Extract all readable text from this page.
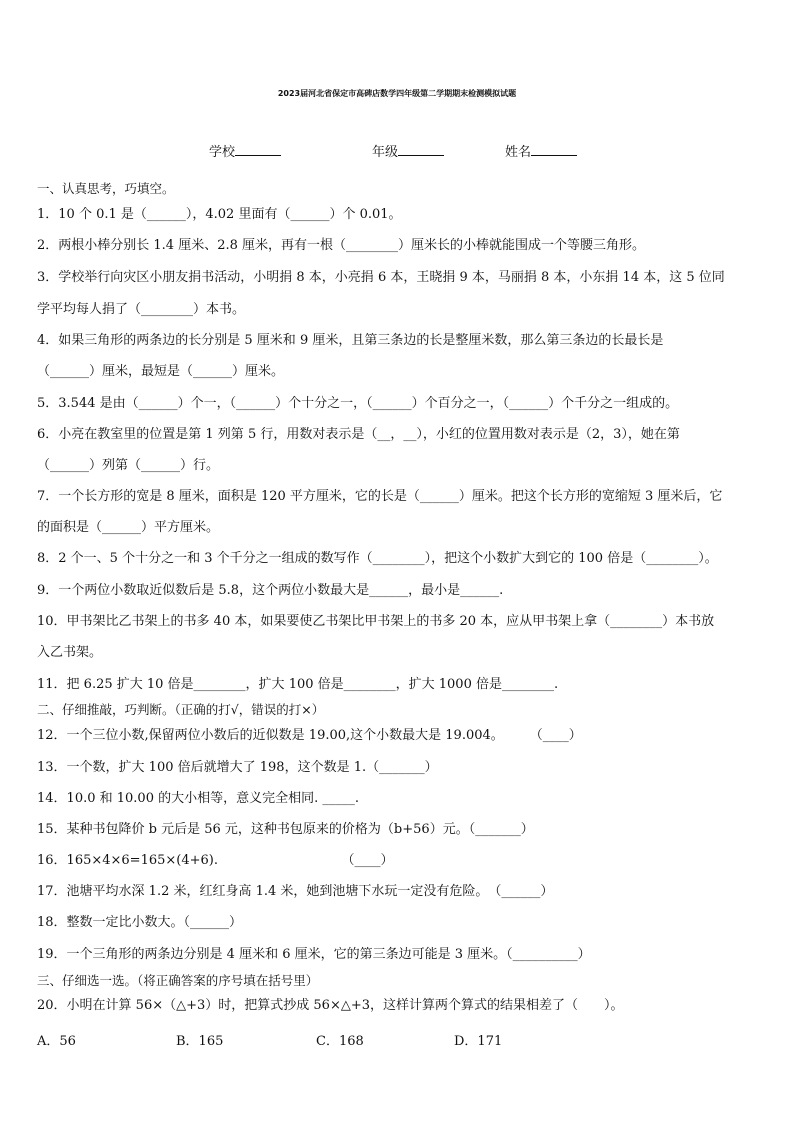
2023届河北省保定市高碑店数学四年级第二学期期末检测模拟试题
学校	年级	姓名
一、认真思考，巧填空。
1．10 个 0.1 是（______），4.02 里面有（______）个 0.01。
2．两根小棒分别长 1.4 厘米、2.8 厘米，再有一根（________）厘米长的小棒就能围成一个等腰三角形。
3．学校举行向灾区小朋友捐书活动，小明捐 8 本，小亮捐 6 本，王晓捐 9 本，马丽捐 8 本，小东捐 14 本，这 5 位同
学平均每人捐了（________）本书。
4．如果三角形的两条边的长分别是 5 厘米和 9 厘米，且第三条边的长是整厘米数，那么第三条边的长最长是
（______）厘米，最短是（______）厘米。
5．3.544 是由（______）个一，（______）个十分之一，（______）个百分之一，（______）个千分之一组成的。
6．小亮在教室里的位置是第 1 列第 5 行，用数对表示是（__，__），小红的位置用数对表示是（2，3），她在第
（______）列第（______）行。
7．一个长方形的宽是 8 厘米，面积是 120 平方厘米，它的长是（______）厘米。把这个长方形的宽缩短 3 厘米后，它
的面积是（______）平方厘米。
8．2 个一、5 个十分之一和 3 个千分之一组成的数写作（________），把这个小数扩大到它的 100 倍是（________）。
9．一个两位小数取近似数后是 5.8，这个两位小数最大是______，最小是______.
10．甲书架比乙书架上的书多 40 本，如果要使乙书架比甲书架上的书多 20 本，应从甲书架上拿（________）本书放
入乙书架。
11．把 6.25 扩大 10 倍是________，扩大 100 倍是________，扩大 1000 倍是________.
二、仔细推敲，巧判断。（正确的打√，错误的打×）
12．一个三位小数,保留两位小数后的近似数是 19.00,这个小数最大是 19.004。　　　（____）
13．一个数，扩大 100 倍后就增大了 198，这个数是 1.（_______）
14．10.0 和 10.00 的大小相等，意义完全相同. _____.
15．某种书包降价 b 元后是 56 元，这种书包原来的价格为（b+56）元。（_______）
16．165×4×6=165×(4+6).　　　　　　　　　　（____）
17．池塘平均水深 1.2 米，红红身高 1.4 米，她到池塘下水玩一定没有危险。　（______）
18．整数一定比小数大。（______）
19．一个三角形的两条边分别是 4 厘米和 6 厘米，它的第三条边可能是 3 厘米。（__________）
三、仔细选一选。（将正确答案的序号填在括号里）
20．小明在计算 56×（△+3）时，把算式抄成 56×△+3，这样计算两个算式的结果相差了（　　）。
A．56	B．165	C．168	D．171
